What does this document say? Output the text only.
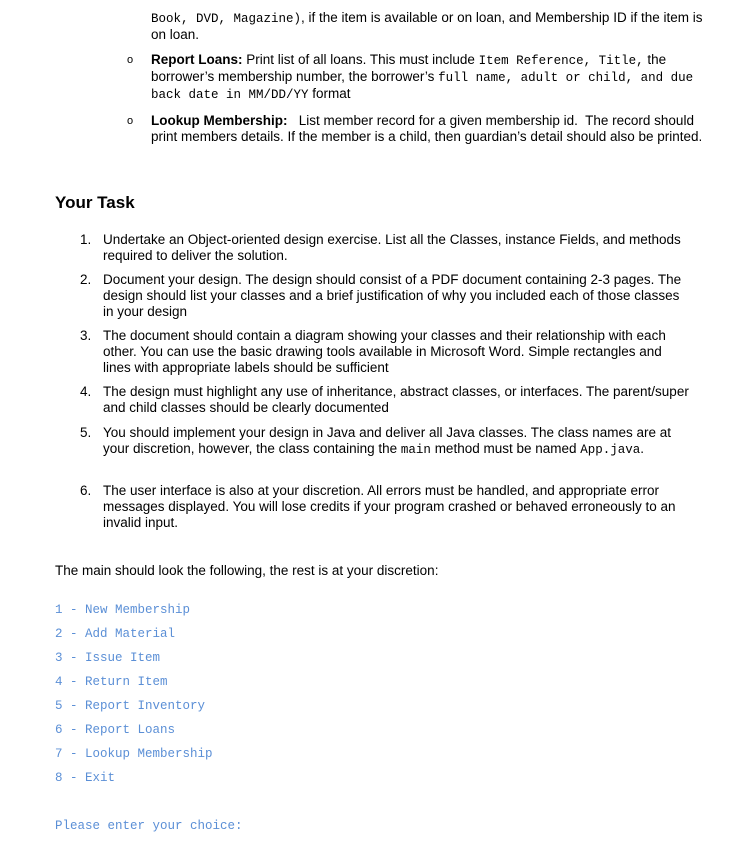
Book, DVD, Magazine), if the item is available or on loan, and Membership ID if the item is on loan.
o Report Loans: Print list of all loans. This must include Item Reference, Title, the borrower’s membership number, the borrower’s full name, adult or child, and due back date in MM/DD/YY format
o Lookup Membership:   List member record for a given membership id.  The record should print members details. If the member is a child, then guardian’s detail should also be printed.
Your Task
1. Undertake an Object-oriented design exercise. List all the Classes, instance Fields, and methods required to deliver the solution.
2. Document your design. The design should consist of a PDF document containing 2-3 pages. The design should list your classes and a brief justification of why you included each of those classes in your design
3. The document should contain a diagram showing your classes and their relationship with each other. You can use the basic drawing tools available in Microsoft Word. Simple rectangles and lines with appropriate labels should be sufficient
4. The design must highlight any use of inheritance, abstract classes, or interfaces. The parent/super and child classes should be clearly documented
5. You should implement your design in Java and deliver all Java classes. The class names are at your discretion, however, the class containing the main method must be named App.java.
6. The user interface is also at your discretion. All errors must be handled, and appropriate error messages displayed. You will lose credits if your program crashed or behaved erroneously to an invalid input.
The main should look the following, the rest is at your discretion:
1 - New Membership
2 - Add Material
3 - Issue Item
4 - Return Item
5 - Report Inventory
6 - Report Loans
7 - Lookup Membership
8 - Exit
Please enter your choice:
